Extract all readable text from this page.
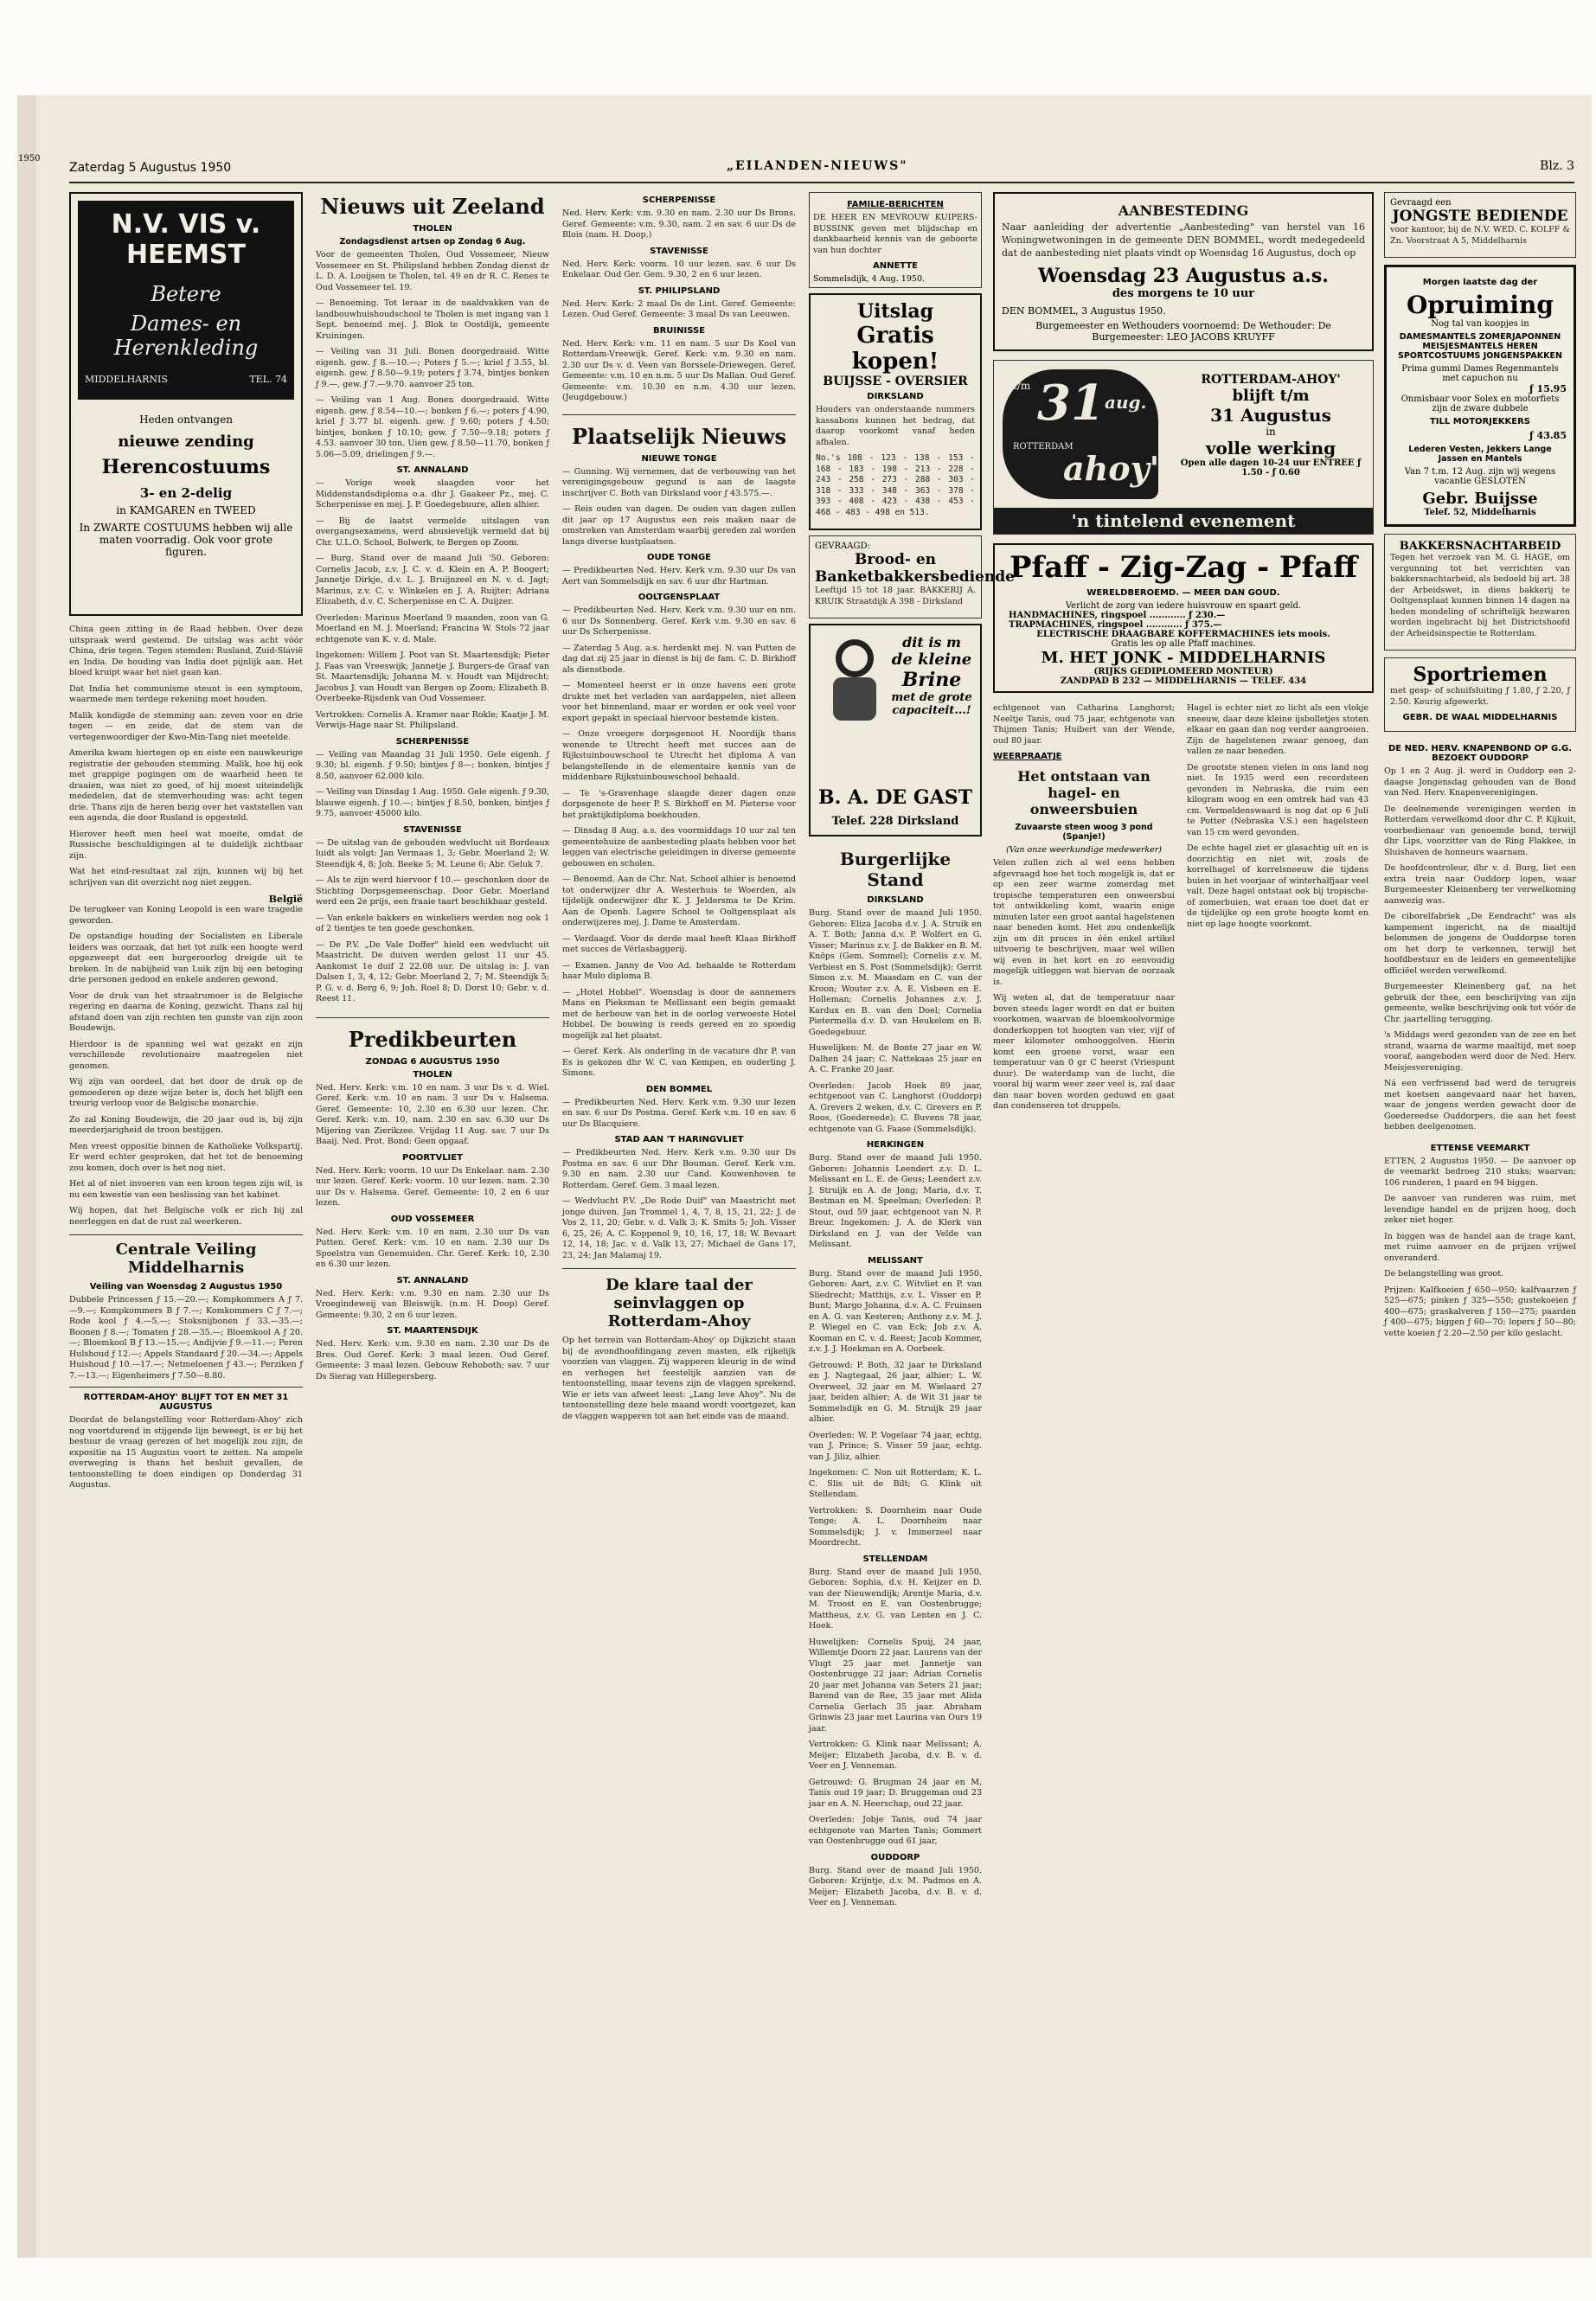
1950
Zaterdag 5 Augustus 1950	„EILANDEN-NIEUWS"	Blz. 3
N.V. VIS v. HEEMST
Betere
Dames- en Herenkleding
MIDDELHARNIS	TEL. 74
Heden ontvangen
nieuwe zending
Herencostuums
3- en 2-delig
in KAMGAREN en TWEED
In ZWARTE COSTUUMS hebben wij alle maten voorradig. Ook voor grote figuren.

China geen zitting in de Raad hebben. Over deze uitspraak werd gestemd. De uitslag was acht vóór China, drie tegen. Tegen stemden: Rusland, Zuid-Slavië en India. De houding van India doet pijnlijk aan. Het bloed kruipt waar het niet gaan kan.

Dat India het communisme steunt is een symptoom, waarmede men terdege rekening moet houden.

Malik kondigde de stemming aan: zeven voor en drie tegen — en zeide, dat de stem van de vertegenwoordiger der Kwo-Min-Tang niet meetelde.

Amerika kwam hiertegen op en eiste een nauwkeurige registratie der gehouden stemming. Malik, hoe hij ook met grappige pogingen om de waarheid heen te draaien, was niet zo goed, of hij moest uiteindelijk mededelen, dat de stemverhouding was: acht tegen drie. Thans zijn de heren bezig over het vaststellen van een agenda, die door Rusland is opgesteld.

Hierover heeft men heel wat moeite, omdat de Russische beschuldigingen al te duidelijk zichtbaar zijn.

Wat het eind-resultaat zal zijn, kunnen wij bij het schrijven van dit overzicht nog niet zeggen.

België

De terugkeer van Koning Leopold is een ware tragedie geworden.

De opstandige houding der Socialisten en Liberale leiders was oorzaak, dat het tot zulk een hoogte werd opgezweept dat een burgeroorlog dreigde uit te breken. In de nabijheid van Luik zijn bij een betoging drie personen gedood en enkele anderen gewond.

Voor de druk van het straatrumoer is de Belgische regering en daarna de Koning, gezwicht. Thans zal hij afstand doen van zijn rechten ten gunste van zijn zoon Boudewijn.

Hierdoor is de spanning wel wat gezakt en zijn verschillende revolutionaire maatregelen niet genomen.

Wij zijn van oordeel, dat het door de druk op de gemoederen op deze wijze beter is, doch het blijft een treurig verloop voor de Belgische monarchie.

Zo zal Koning Boudewijn, die 20 jaar oud is, bij zijn meerderjarigheid de troon bestijgen.

Men vreest oppositie binnen de Katholieke Volkspartij. Er werd echter gesproken, dat het tot de benoeming zou komen, doch over is het nog niet.

Het al of niet invoeren van een kroon tegen zijn wil, is nu een kwestie van een beslissing van het kabinet.

Wij hopen, dat het Belgische volk er zich bij zal neerleggen en dat de rust zal weerkeren.

Centrale Veiling Middelharnis
Veiling van Woensdag 2 Augustus 1950

Dubbele Princessen ƒ 15.—20.—; Kompkommers A ƒ 7.—9.—; Kompkommers B ƒ 7.—; Komkommers C ƒ 7.—; Rode kool ƒ 4.—5.—; Stoksnijbonen ƒ 33.—35.—; Boonen ƒ 8.—; Tomaten ƒ 28.—35.—; Bloemkool A ƒ 20.—; Bloemkool B ƒ 13.—15.—; Andijvie ƒ 9.—11.—; Peren Hulshoud ƒ 12.—; Appels Standaard ƒ 20.—34.—; Appels Huishoud ƒ 10.—17.—; Netmeloenen ƒ 43.—; Perziken ƒ 7.—13.—; Eigenheimers ƒ 7.50—8.80.

ROTTERDAM-AHOY' BLIJFT TOT EN MET 31 AUGUSTUS

Doordat de belangstelling voor Rotterdam-Ahoy' zich nog voortdurend in stijgende lijn beweegt, is er bij het bestuur de vraag gerezen of het mogelijk zou zijn, de expositie na 15 Augustus voort te zetten. Na ampele overweging is thans het besluit gevallen, de tentoonstelling te doen eindigen op Donderdag 31 Augustus.

Nieuws uit Zeeland
THOLEN
Zondagsdienst artsen op Zondag 6 Aug.

Voor de gemeenten Tholen, Oud Vossemeer, Nieuw Vossemeer en St. Philipsland hebben Zondag dienst dr L. D. A. Looijsen te Tholen, tel. 49 en dr R. C. Renes te Oud Vossemeer tel. 19.

— Benoeming. Tot leraar in de naaldvakken van de landbouwhuishoudschool te Tholen is met ingang van 1 Sept. benoemd mej. J. Blok te Oostdijk, gemeente Kruiningen.

— Veiling van 31 Juli. Bonen doorgedraaid. Witte eigenh. gew. ƒ 8.—10.—; Poters ƒ 5.—; kriel ƒ 3.55, bl. eigenh. gew. ƒ 8.50—9.19; poters ƒ 3.74, bintjes bonken ƒ 9.—, gew. ƒ 7.—9.70. aanvoer 25 ton.

— Veiling van 1 Aug. Bonen doorgedraaid. Witte eigenh. gew. ƒ 8.54—10.—; bonken ƒ 6.—; poters ƒ 4.90, kriel ƒ 3.77 bl. eigenh. gew. ƒ 9.60; poters ƒ 4.50; bintjes, bonken ƒ 10.10; gew. ƒ 7.50—9.18; poters ƒ 4.53. aanvoer 30 ton. Uien gew. ƒ 8.50—11.70, bonken ƒ 5.06—5.09, drielingen ƒ 9.—.

ST. ANNALAND

— Vorige week slaagden voor het Middenstandsdiploma o.a. dhr J. Gaakeer Pz., mej. C. Scherpenisse en mej. J. P. Goedegebuure, allen alhier.

— Bij de laatst vermelde uitslagen van overgangsexamens, werd abusievelijk vermeld dat bij Chr. U.L.O. School, Bolwerk, te Bergen op Zoom.

— Burg. Stand over de maand Juli '50. Geboren: Cornelis Jacob, z.v. J. C. v. d. Klein en A. P. Boogert; Jannetje Dirkje, d.v. L. J. Bruijnzeel en N. v. d. Jagt; Marinus, z.v. C. v. Winkelen en J. A. Ruijter; Adriana Elizabeth, d.v. C. Scherpenisse en C. A. Duijzer.

Overleden: Marinus Moerland 9 maanden, zoon van G. Moerland en M. J. Moerland; Francina W. Stols 72 jaar echtgenote van K. v. d. Male.

Ingekomen: Willem J. Poot van St. Maartensdijk; Pieter J. Faas van Vreeswijk; Jannetje J. Burgers-de Graaf van St. Maartensdijk; Johanna M. v. Houdt van Mijdrecht; Jacobus J. van Houdt van Bergen op Zoom; Elizabeth B. Overbeeke-Rijsdenk van Oud Vossemeer.

Vertrokken: Cornelis A. Kramer naar Rokle; Kaatje J. M. Verwijs-Hage naar St. Philipsland.

SCHERPENISSE

— Veiling van Maandag 31 Juli 1950. Gele eigenh. ƒ 9.30; bl. eigenh. ƒ 9.50; bintjes ƒ 8—; bonken, bintjes ƒ 8.50, aanvoer 62.000 kilo.

— Veiling van Dinsdag 1 Aug. 1950. Gele eigenh. ƒ 9.30, blauwe eigenh. ƒ 10.—; bintjes ƒ 8.50, bonken, bintjes ƒ 9.75, aanvoer 45000 kilo.

STAVENISSE

— De uitslag van de gehouden wedvlucht uit Bordeaux luidt als volgt: Jan Vermaas 1, 3; Gebr. Moerland 2; W. Steendijk 4, 8; Joh. Beeke 5; M. Leune 6; Abr. Geluk 7.

— Als te zijn werd hiervoor f 10.— geschonken door de Stichting Dorpsgemeenschap. Door Gebr. Moerland werd een 2e prijs, een fraaie taart beschikbaar gesteld.

— Van enkele bakkers en winkeliers werden nog ook 1 of 2 tientjes te ten goede geschonken.

— De P.V. „De Vale Doffer" hield een wedvlucht uit Maastricht. De duiven werden gelost 11 uur 45. Aankomst 1e duif 2 22.08 uur. De uitslag is: J. van Dalsen 1, 3, 4, 12; Gebr. Moerland 2, 7; M. Steendijk 5; P. G. v. d. Berg 6, 9; Joh. Roel 8; D. Dorst 10; Gebr. v. d. Reest 11.

Predikbeurten
ZONDAG 6 AUGUSTUS 1950
THOLEN

Ned. Herv. Kerk: v.m. 10 en nam. 3 uur Ds v. d. Wiel. Geref. Kerk: v.m. 10 en nam. 3 uur Ds v. Halsema. Geref. Gemeente: 10, 2.30 en 6.30 uur lezen. Chr. Geref. Kerk: v.m. 10, nam. 2.30 en sav. 6.30 uur Ds Mijering van Zierikzee. Vrijdag 11 Aug. sav. 7 uur Ds Baaij. Ned. Prot. Bond: Geen opgaaf.

POORTVLIET

Ned. Herv. Kerk: voorm. 10 uur Ds Enkelaar. nam. 2.30 uur lezen. Geref. Kerk: voorm. 10 uur lezen. nam. 2.30 uur Ds v. Halsema. Geref. Gemeente: 10, 2 en 6 uur lezen.

OUD VOSSEMEER

Ned. Herv. Kerk: v.m. 10 en nam. 2.30 uur Ds van Putten. Geref. Kerk: v.m. 10 en nam. 2.30 uur Ds Spoelstra van Genemuiden. Chr. Geref. Kerk: 10, 2.30 en 6.30 uur lezen.

ST. ANNALAND

Ned. Herv. Kerk: v.m. 9.30 en nam. 2.30 uur Ds Vroegindeweij van Bleiswijk. (n.m. H. Doop) Geref. Gemeente: 9.30, 2 en 6 uur lezen.

ST. MAARTENSDIJK

Ned. Herv. Kerk: v.m. 9.30 en nam. 2.30 uur Ds de Bres. Oud Geref. Kerk: 3 maal lezen. Oud Geref. Gemeente: 3 maal lezen. Gebouw Rehoboth: sav. 7 uur Ds Sierag van Hillegersberg.

SCHERPENISSE

Ned. Herv. Kerk: v.m. 9.30 en nam. 2.30 uur Ds Brons. Geref. Gemeente: v.m. 9.30, nam. 2 en sav. 6 uur Ds de Blois (nam. H. Doop.)

STAVENISSE

Ned. Herv. Kerk: voorm. 10 uur lezen. sav. 6 uur Ds Enkelaar. Oud Ger. Gem. 9.30, 2 en 6 uur lezen.

ST. PHILIPSLAND

Ned. Herv. Kerk: 2 maal Ds de Lint. Geref. Gemeente: Lezen. Oud Geref. Gemeente: 3 maal Ds van Leeuwen.

BRUINISSE

Ned. Herv. Kerk: v.m. 11 en nam. 5 uur Ds Kool van Rotterdam-Vreewijk. Geref. Kerk: v.m. 9.30 en nam. 2.30 uur Ds v. d. Veen van Borssele-Driewegen. Geref. Gemeente: v.m. 10 en n.m. 5 uur Ds Mallan. Oud Geref. Gemeente: v.m. 10.30 en n.m. 4.30 uur lezen. (Jeugdgebouw.)

Plaatselijk Nieuws
NIEUWE TONGE

— Gunning. Wij vernemen, dat de verbouwing van het verenigingsgebouw gegund is aan de laagste inschrijver C. Both van Dirksland voor ƒ 43.575.—.

— Reis ouden van dagen. De ouden van dagen zullen dit jaar op 17 Augustus een reis maken naar de omstreken van Amsterdam waarbij gereden zal worden langs diverse kustplaatsen.

OUDE TONGE

— Predikbeurten Ned. Herv. Kerk v.m. 9.30 uur Ds van Aert van Sommelsdijk en sav. 6 uur dhr Hartman.

OOLTGENSPLAAT

— Predikbeurten Ned. Herv. Kerk v.m. 9.30 uur en nm. 6 uur Ds Sonnenberg. Geref. Kerk v.m. 9.30 en sav. 6 uur Ds Scherpenisse.

— Zaterdag 5 Aug. a.s. herdenkt mej. N. van Putten de dag dat zij 25 jaar in dienst is bij de fam. C. D. Birkhoff als dienstbode.

— Momenteel heerst er in onze havens een grote drukte met het verladen van aardappelen, niet alleen voor het binnenland, maar er worden er ook veel voor export gepakt in speciaal hiervoor bestemde kisten.

— Onze vroegere dorpsgenoot H. Noordijk thans wonende te Utrecht heeft met succes aan de Rijkstuinbouwschool te Utrecht het diploma A van belangstellende in de elementaire kennis van de middenbare Rijkstuinbouwschool behaald.

— Te 's-Gravenhage slaagde dezer dagen onze dorpsgenote de heer P. S. Birkhoff en M. Pieterse voor het praktijkdiploma boekhouden.

— Dinsdag 8 Aug. a.s. des voormiddags 10 uur zal ten gemeentehuize de aanbesteding plaats hebben voor het leggen van electrische geleidingen in diverse gemeente gebouwen en scholen.

— Benoemd. Aan de Chr. Nat. School alhier is benoemd tot onderwijzer dhr A. Westerhuis te Woerden, als tijdelijk onderwijzer dhr K. J. Jeldersma te De Krim. Aan de Openb. Lagere School te Ooltgensplaat als onderwijzeres mej. J. Dame te Amsterdam.

— Verdaagd. Voor de derde maal heeft Klaas Birkhoff met succes de Vérlasbaggerij.

— Examen. Janny de Voo Ad. behaalde te Rotterdam haar Mulo diploma B.

— „Hotel Hobbel". Woensdag is door de aannemers Mans en Pieksman te Mellissant een begin gemaakt met de herbouw van het in de oorlog verwoeste Hotel Hobbel. De bouwing is reeds gereed en zo spoedig mogelijk zal het plaatst.

— Geref. Kerk. Als onderling in de vacature dhr P. van Es is gekozen dhr W. C. van Kempen, en ouderling J. Simons.

DEN BOMMEL

— Predikbeurten Ned. Herv. Kerk v.m. 9.30 uur lezen en sav. 6 uur Ds Postma. Geref. Kerk v.m. 10 en sav. 6 uur Ds Blacquiere.

STAD AAN 'T HARINGVLIET

— Predikbeurten Ned. Herv. Kerk v.m. 9.30 uur Ds Postma en sav. 6 uur Dhr Bouman. Geref. Kerk v.m. 9.30 en nam. 2.30 uur Cand. Kouwenhoven te Rotterdam. Geref. Gem. 3 maal lezen.

— Wedvlucht P.V. „De Rode Duif" van Maastricht met jonge duiven. Jan Trommel 1, 4, 7, 8, 15, 21, 22; J. de Vos 2, 11, 20; Gebr. v. d. Valk 3; K. Smits 5; Joh. Visser 6, 25, 26; A. C. Koppenol 9, 10, 16, 17, 18; W. Bevaart 12, 14, 18; Jac. v. d. Valk 13, 27; Michael de Gans 17, 23, 24; Jan Malamaj 19.

De klare taal der seinvlaggen op Rotterdam-Ahoy

Op het terrein van Rotterdam-Ahoy' op Dijkzicht staan bij de avondhoofdingang zeven masten, elk rijkelijk voorzien van vlaggen. Zij wapperen kleurig in de wind en verhogen het feestelijk aanzien van de tentoonstelling, maar tevens zijn de vlaggen sprekend. Wie er iets van afweet leest: „Lang leve Ahoy". Nu de tentoonstelling deze hele maand wordt voortgezet, kan de vlaggen wapperen tot aan het einde van de maand.

FAMILIE-BERICHTEN

DE HEER EN MEVROUW KUIPERS-BUSSINK geven met blijdschap en dankbaarheid kennis van de geboorte van hun dochter

ANNETTE
Sommelsdijk, 4 Aug. 1950.
Uitslag
Gratis kopen!
BUIJSSE - OVERSIER
DIRKSLAND

Houders van onderstaande nummers kassabons kunnen het bedrag, dat daarop voorkomt vanaf heden afhalen.

No.'s 108 - 123 - 138 - 153 - 168 - 183 - 198 - 213 - 228 - 243 - 258 - 273 - 288 - 303 - 318 - 333 - 348 - 363 - 378 - 393 - 408 - 423 - 438 - 453 - 468 - 483 - 498 en 513.

GEVRAAGD:
Brood- en Banketbakkersbediende

Leeftijd 15 tot 18 jaar. BAKKERIJ A. KRUIK Straatdijk A 398 - Dirksland

dit is m
de kleine
Brine
met de grote capaciteit...!
B. A. DE GAST
Telef. 228 Dirksland
Burgerlijke Stand
DIRKSLAND

Burg. Stand over de maand Juli 1950. Geboren: Eliza Jacoba d.v. J. A. Struik en A. T. Both; Janna d.v. P. Wolfert en G. Visser; Marinus z.v. J. de Bakker en B. M. Knöps (Gem. Sommel); Cornelis z.v. M. Verbiest en S. Post (Sommelsdijk); Gerrit Simon z.v. M. Maasdam en C. van der Kroon; Wouter z.v. A. E. Visbeen en E. Holleman; Cornelis Johannes z.v. J. Kardux en B. van den Doel; Cornelia Pietermella d.v. D. van Heukelom en B. Goedegebuur.

Huwelijken: M. de Bonte 27 jaar en W. Dalhen 24 jaar; C. Nattekaas 25 jaar en A. C. Franke 20 jaar.

Overleden: Jacob Hoek 89 jaar, echtgenoot van C. Langhorst (Ouddorp) A. Grevers 2 weken, d.v. C. Grevers en P. Roos, (Goedereede); C. Buvens 78 jaar, echtgenote van G. Faase (Sommelsdijk).

HERKINGEN

Burg. Stand over de maand Juli 1950. Geboren: Johannis Leendert z.v. D. L. Melissant en L. E. de Geus; Leendert z.v. J. Struijk en A. de Jong; Maria, d.v. T. Bestman en M. Speelman; Overleden: P. Stout, oud 59 jaar, echtgenoot van N. P. Breur. Ingekomen: J. A. de Klerk van Dirksland en J. van der Velde van Melissant.

MELISSANT

Burg. Stand over de maand Juli 1950. Geboren: Aart, z.v. C. Witvliet en P. van Sliedrecht; Matthijs, z.v. L. Visser en P. Bunt; Margo Johanna, d.v. A. C. Fruinsen en A. G. van Kesteren; Anthony z.v. M. J. P. Wiegel en C. van Eck; Job z.v. A. Kooman en C. v. d. Reest; Jacob Kommer, z.v. J. J. Hoekman en A. Oorbeek.

Getrouwd: P. Both, 32 jaar te Dirksland en J. Nagtegaal, 26 jaar, alhier; L. W. Overweel, 32 jaar en M. Wielaard 27 jaar, beiden alhier; A. de Wit 31 jaar te Sommelsdijk en G. M. Struijk 29 jaar alhier.

Overleden: W. P. Vogelaar 74 jaar, echtg. van J. Prince; S. Visser 59 jaar, echtg. van J. Jiliz, alhier.

Ingekomen: C. Non uit Rotterdam; K. L. C. Slis uit de Bilt; G. Klink uit Stellendam.

Vertrokken: S. Doornheim naar Oude Tonge; A. L. Doornheim naar Sommelsdijk; J. v. Immerzeel naar Moordrecht.

STELLENDAM

Burg. Stand over de maand Juli 1950. Geboren: Sophia, d.v. H. Keijzer en D. van der Nieuwendijk; Arentje Maria, d.v. M. Troost en E. van Oostenbrugge; Mattheus, z.v. G. van Lenten en J. C. Hoek.

Huwelijken: Cornelis Spuij, 24 jaar, Willemtje Doorn 22 jaar. Laurens van der Vlugt 25 jaar met Jannetje van Oostenbrugge 22 jaar; Adrian Cornelis 20 jaar met Johanna van Seters 21 jaar; Barend van de Ree, 35 jaar met Alida Cornelia Gerlach 35 jaar. Abraham Grinwis 23 jaar met Laurina van Ours 19 jaar.

Vertrokken: G. Klink naar Melissant; A. Meijer; Elizabeth Jacoba, d.v. B. v. d. Veer en J. Venneman.

Getrouwd: G. Brugman 24 jaar en M. Tanis oud 19 jaar; D. Bruggeman oud 23 jaar en A. N. Heerschap, oud 22 jaar.

Overleden: Jobje Tanis, oud 74 jaar echtgenote van Marten Tanis; Gommert van Oostenbrugge oud 61 jaar,

OUDDORP

Burg. Stand over de maand Juli 1950. Geboren: Krijntje, d.v. M. Padmos en A. Meijer; Elizabeth Jacoba, d.v. B. v. d. Veer en J. Venneman.

AANBESTEDING

Naar aanleiding der advertentie „Aanbesteding" van herstel van 16 Woningwetwoningen in de gemeente DEN BOMMEL, wordt medegedeeld dat de aanbesteding niet plaats vindt op Woensdag 16 Augustus, doch op

Woensdag 23 Augustus a.s.
des morgens te 10 uur
DEN BOMMEL, 3 Augustus 1950.
Burgemeester en Wethouders voornoemd: De Wethouder: De Burgemeester: LEO JACOBS KRUYFF
t/m 31 aug.
ROTTERDAM
ahoy'
ROTTERDAM-AHOY'
blijft t/m
31 Augustus
in
volle werking
Open alle dagen 10-24 uur ENTREE ƒ 1.50 - ƒ 0.60
'n tintelend evenement
Pfaff - Zig-Zag - Pfaff
WERELDBEROEMD. — MEER DAN GOUD.
Verlicht de zorg van iedere huisvrouw en spaart geld.
HANDMACHINES, ringspoel ............ ƒ 230.—
TRAPMACHINES, ringspoel ............ ƒ 375.—
ELECTRISCHE DRAAGBARE KOFFERMACHINES iets moois.
Gratis les op alle Pfaff machines.
M. HET JONK - MIDDELHARNIS
(RIJKS GEDIPLOMEERD MONTEUR)
ZANDPAD B 232 — MIDDELHARNIS — TELEF. 434

echtgenoot van Catharina Langhorst; Neeltje Tanis, oud 75 jaar, echtgenote van Thijmen Tanis; Huibert van der Wende, oud 80 jaar.

WEERPRAATJE
Het ontstaan van hagel- en onweersbuien
Zuvaarste steen woog 3 pond (Spanje!)
(Van onze weerkundige medewerker)

Velen zullen zich al wel eens hebben afgevraagd hoe het toch mogelijk is, dat er op een zeer warme zomerdag met tropische temperaturen een onweersbui tot ontwikkeling komt, waarin enige minuten later een groot aantal hagelstenen naar beneden komt. Het zou ondenkelijk zijn om dit proces in één enkel artikel uitvoerig te beschrijven, maar wel willen wij even in het kort en zo eenvoudig mogelijk uitleggen wat hiervan de oorzaak is.

Wij weten al, dat de temperatuur naar boven steeds lager wordt en dat er buiten voorkomen, waarvan de bloemkoolvormige donderkoppen tot hoogten van vier, vijf of meer kilometer omhooggolven. Hierin komt een groene vorst, waar een temperatuur van 0 gr C heerst (Vriespunt duur). De waterdamp van de lucht, die vooral bij warm weer zeer veel is, zal daar dan naar boven worden geduwd en gaat dan condenseren tot druppels.

Hagel is echter niet zo licht als een vlokje sneeuw, daar deze kleine ijsbolletjes stoten elkaar en gaan dan nog verder aangroeien. Zijn de hagelstenen zwaar genoeg, dan vallen ze naar beneden.

De grootste stenen vielen in ons land nog niet. In 1935 werd een recordsteen gevonden in Nebraska, die ruim een kilogram woog en een omtrek had van 43 cm. Vermeldenswaard is nog dat op 6 Juli te Potter (Nebraska V.S.) een hagelsteen van 15 cm werd gevonden.

De echte hagel ziet er glasachtig uit en is doorzichtig en niet wit, zoals de korrelhagel of korrelsneeuw die tijdens buien in het voorjaar of winterhalfjaar veel valt. Deze hagel ontstaat ook bij tropische- of zomerbuien, wat eraan toe doet dat er de tijdelijke op een grote hoogte komt en niet op lage hoogte voorkomt.

Gevraagd een
JONGSTE BEDIENDE

voor kantoor, bij de N.V. WED. C. KOLFF & Zn. Voorstraat A 5, Middelharnis

Morgen laatste dag der
Opruiming
Nog tal van koopjes in
DAMESMANTELS ZOMERJAPONNEN MEISJESMANTELS HEREN SPORTCOSTUUMS JONGENSPAKKEN
Prima gummi Dames Regenmantels met capuchon nu
ƒ 15.95
Onmisbaar voor Solex en motorfiets zijn de zware dubbele
TILL MOTORJEKKERS
ƒ 43.85
Lederen Vesten, Jekkers Lange Jassen en Mantels
Van 7 t.m. 12 Aug. zijn wij wegens vacantie GESLOTEN
Gebr. Buijsse
Telef. 52, Middelharnis
BAKKERSNACHTARBEID

Tegen het verzoek van M. G. HAGE, om vergunning tot het verrichten van bakkersnachtarbeid, als bedoeld bij art. 38 der Arbeidswet, in diens bakkerij te Ooltgensplaat kunnen binnen 14 dagen na heden mondeling of schriftelijk bezwaren worden ingebracht bij het Districtshoofd der Arbeidsinspectie te Rotterdam.

Sportriemen

met gesp- of schuifsluiting ƒ 1.80, ƒ 2.20, ƒ 2.50. Keurig afgewerkt.

GEBR. DE WAAL MIDDELHARNIS
DE NED. HERV. KNAPENBOND OP G.G. BEZOEKT OUDDORP

Op 1 en 2 Aug. jl. werd in Ouddorp een 2-daagse Jongensdag gehouden van de Bond van Ned. Herv. Knapenverenigingen.

De deelnemende verenigingen werden in Rotterdam verwelkomd door dhr C. P. Kijkuit, voorbedienaar van genoemde bond, terwijl dhr Lips, voorzitter van de Ring Flakkee, in Sluishaven de honneurs waarnam.

De hoofdcontroleur, dhr v. d. Burg, liet een extra trein naar Ouddorp lopen, waar Burgemeester Kleinenberg ter verwelkoming aanwezig was.

De ciborelfabriek „De Eendracht" was als kampement ingericht, na de maaltijd belommen de jongens de Ouddorpse toren om het dorp te verkennen, terwijl het hoofdbestuur en de leiders en gemeentelijke officiëel werden verwelkomd.

Burgemeester Kleinenberg gaf, na het gebruik der thee, een beschrijving van zijn gemeente, welke beschrijving ook tot vóór de Chr. jaartelling terugging.

's Middags werd gezonden van de zee en het strand, waarna de warme maaltijd, met soep vooraf, aangeboden werd door de Ned. Herv. Meisjesvereniging.

Ná een verfrissend bad werd de terugreis met koetsen aangevaard naar het haven, waar de jongens werden gewacht door de Goedereedse Ouddorpers, die aan het feest hebben deelgenomen.

ETTENSE VEEMARKT

ETTEN, 2 Augustus 1950. — De aanvoer op de veemarkt bedroeg 210 stuks; waarvan: 106 runderen, 1 paard en 94 biggen.

De aanvoer van runderen was ruim, met levendige handel en de prijzen hoog, doch zeker niet hoger.

In biggen was de handel aan de trage kant, met ruime aanvoer en de prijzen vrijwel onveranderd.

De belangstelling was groot.

Prijzen: Kalfkoeien ƒ 650—950; kalfvaarzen ƒ 525—675; pinken ƒ 325—550; gustekoeien ƒ 400—675; graskalveren ƒ 150—275; paarden ƒ 400—675; biggen ƒ 60—70; lopers ƒ 50—80; vette koeien ƒ 2.20—2.50 per kilo geslacht.
